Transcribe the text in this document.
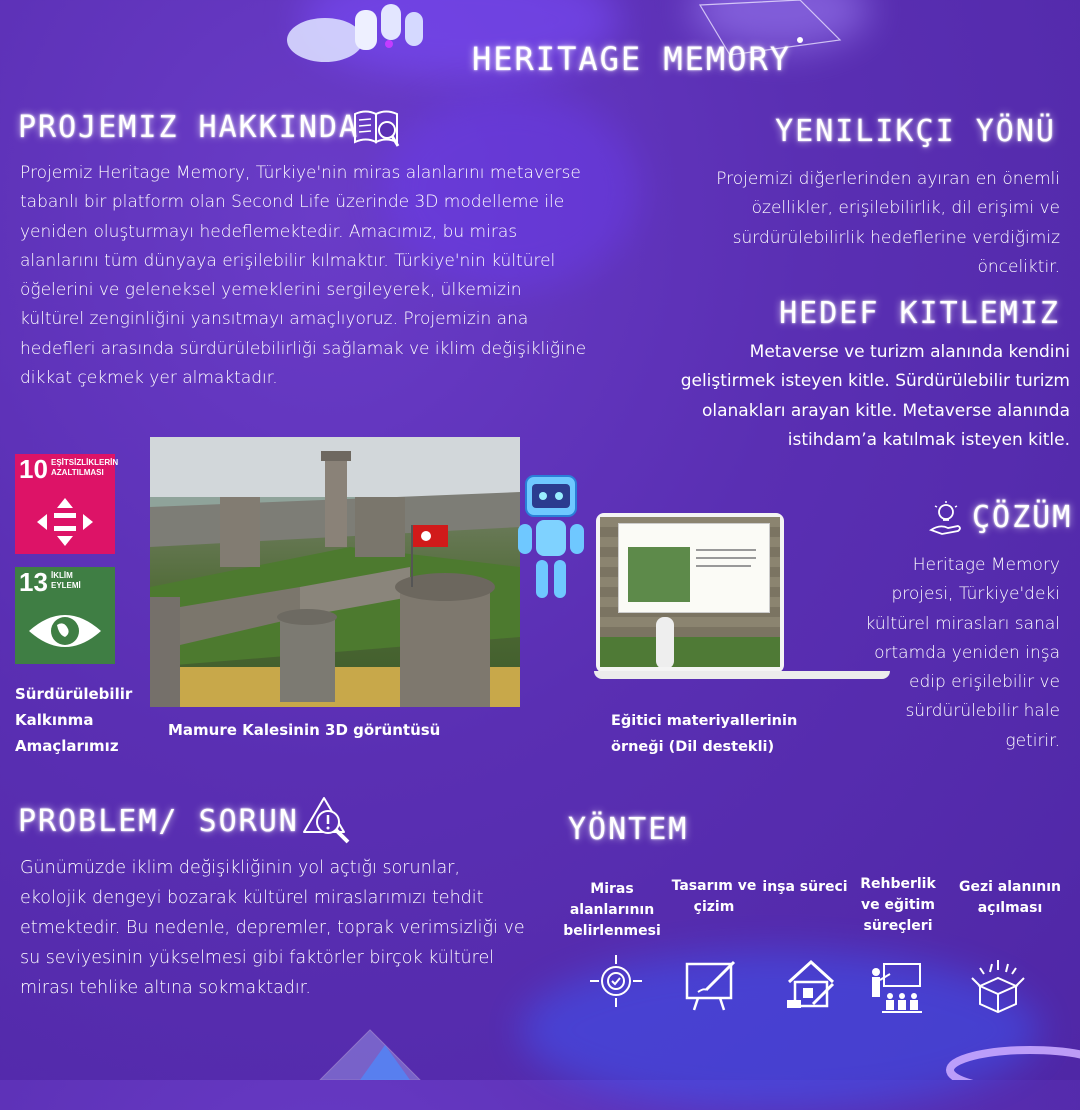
HERITAGE MEMORY
PROJEMIZ HAKKINDA
Projemiz Heritage Memory, Türkiye'nin miras alanlarını metaverse tabanlı bir platform olan Second Life üzerinde 3D modelleme ile yeniden oluşturmayı hedeflemektedir. Amacımız, bu miras alanlarını tüm dünyaya erişilebilir kılmaktır. Türkiye'nin kültürel öğelerini ve geleneksel yemeklerini sergileyerek, ülkemizin kültürel zenginliğini yansıtmayı amaçlıyoruz. Projemizin ana hedefleri arasında sürdürülebilirliği sağlamak ve iklim değişikliğine dikkat çekmek yer almaktadır.
YENILIKÇI YÖNÜ
Projemizi diğerlerinden ayıran en önemli özellikler, erişilebilirlik, dil erişimi ve sürdürülebilirlik hedeflerine verdiğimiz öncelikti̇r.
HEDEF KITLEMIZ
Metaverse ve turizm alanında kendini geliştirmek isteyen kitle. Sürdürülebilir turizm olanakları arayan kitle. Metaverse alanında istihdam’a katılmak isteyen kitle.
ÇÖZÜM
Heritage Memory projesi, Türkiye'deki kültürel mirasları sanal ortamda yeniden inşa edip erişilebilir ve sürdürülebilir hale getirir.
10 EŞİTSİZLİKLERİN AZALTILMASI
13 İKLİM EYLEMİ
Sürdürülebilir Kalkınma Amaçlarımız
Mamure Kalesinin 3D görüntüsü	Eğitici materiyallerinin örneği (Dil destekli)
PROBLEM/ SORUN
Günümüzde iklim değişikliğinin yol açtığı sorunlar, ekolojik dengeyi bozarak kültürel miraslarımızı tehdit etmektedir. Bu nedenle, depremler, toprak verimsizliği ve su seviyesinin yükselmesi gibi faktörler birçok kültürel mirası tehlike altına sokmaktadır.
YÖNTEM
Miras alanlarının belirlenmesi
Tasarım ve çizim
inşa süreci Rehberlik ve eğitim süreçleri
Gezi alanının açılması
